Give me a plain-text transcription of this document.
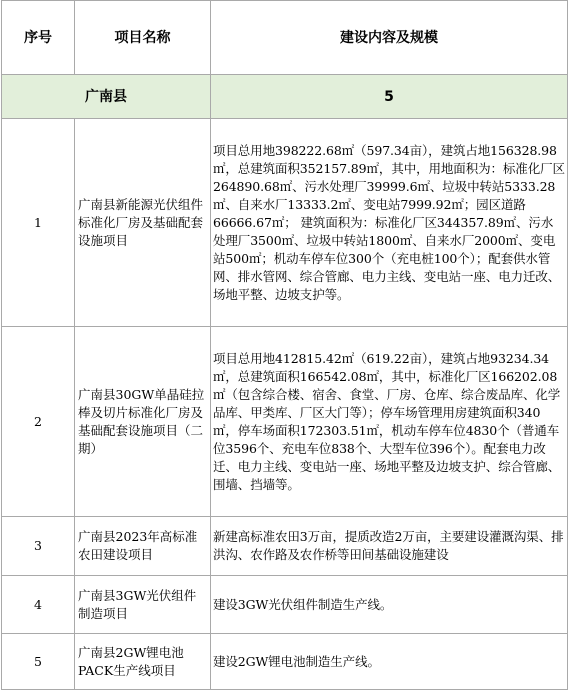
序号	项目名称	建设内容及规模
广南县		5
1	广南县新能源光伏组件标准化厂房及基础配套设施项目	项目总用地398222.68㎡（597.34亩），建筑占地156328.98㎡，总建筑面积352157.89㎡，其中，用地面积为：标准化厂区264890.68㎡、污水处理厂39999.6㎡、垃圾中转站5333.28㎡、自来水厂13333.2㎡、变电站7999.92㎡；园区道路66666.67㎡； 建筑面积为：标准化厂区344357.89㎡、污水处理厂3500㎡、垃圾中转站1800㎡、自来水厂2000㎡、变电站500㎡；机动车停车位300个（充电桩100个）；配套供水管网、排水管网、综合管廊、电力主线、变电站一座、电力迁改、场地平整、边坡支护等。
2	广南县30GW单晶硅拉棒及切片标准化厂房及基础配套设施项目（二期）	项目总用地412815.42㎡（619.22亩），建筑占地93234.34㎡，总建筑面积166542.08㎡，其中，标准化厂区166202.08㎡（包含综合楼、宿舍、食堂、厂房、仓库、综合废品库、化学品库、甲类库、厂区大门等）；停车场管理用房建筑面积340㎡，停车场面积172303.51㎡，机动车停车位4830个（普通车位3596个、充电车位838个、大型车位396个）。配套电力改迁、电力主线、变电站一座、场地平整及边坡支护、综合管廊、围墙、挡墙等。
3	广南县2023年高标准农田建设项目	新建高标准农田3万亩，提质改造2万亩，主要建设灌溉沟渠、排洪沟、农作路及农作桥等田间基础设施建设
4	广南县3GW光伏组件制造项目	建设3GW光伏组件制造生产线。
5	广南县2GW锂电池PACK生产线项目	建设2GW锂电池制造生产线。
